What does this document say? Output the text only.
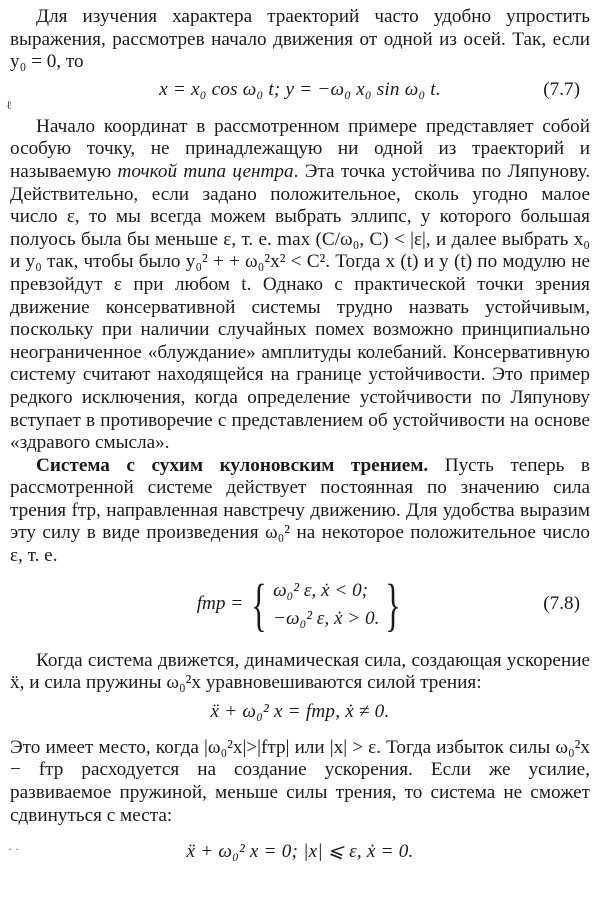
Для изучения характера траекторий часто удобно упростить выражения, рассмотрев начало движения от одной из осей. Так, если y₀ = 0, то

x = x₀ cos ω₀ t; y = −ω₀ x₀ sin ω₀ t.	(7.7)

Начало координат в рассмотренном примере представляет собой особую точку, не принадлежащую ни одной из траекторий и называемую точкой типа центра. Эта точка устойчива по Ляпунову. Действительно, если задано положительное, сколь угодно малое число ε, то мы всегда можем выбрать эллипс, у которого большая полуось была бы меньше ε, т. е. max (C/ω₀, C) < |ε|, и далее выбрать x₀ и y₀ так, чтобы было y₀² + + ω₀²x² < C². Тогда x (t) и y (t) по модулю не превзойдут ε при любом t. Однако с практической точки зрения движение консервативной системы трудно назвать устойчивым, поскольку при наличии случайных помех возможно принципиально неограниченное «блуждание» амплитуды колебаний. Консервативную систему считают находящейся на границе устойчивости. Это пример редкого исключения, когда определение устойчивости по Ляпунову вступает в противоречие с представлением об устойчивости на основе «здравого смысла».

Система с сухим кулоновским трением. Пусть теперь в рассмотренной системе действует постоянная по значению сила трения fтр, направленная навстречу движению. Для удобства выразим эту силу в виде произведения ω₀² на некоторое положительное число ε, т. е.

fтр = { ω₀² ε, ẋ < 0;
−ω₀² ε, ẋ > 0. }	(7.8)

Когда система движется, динамическая сила, создающая ускорение ẍ, и сила пружины ω₀²x уравновешиваются силой трения:

ẍ + ω₀² x = fтр, ẋ ≠ 0.

Это имеет место, когда |ω₀²x|>|fтр| или |x| > ε. Тогда избыток силы ω₀²x − fтр расходуется на создание ускорения. Если же усилие, развиваемое пружиной, меньше силы трения, то система не сможет сдвинуться с места:

ẍ + ω₀² x = 0; |x| ⩽ ε, ẋ = 0.
ℓ
· ·
